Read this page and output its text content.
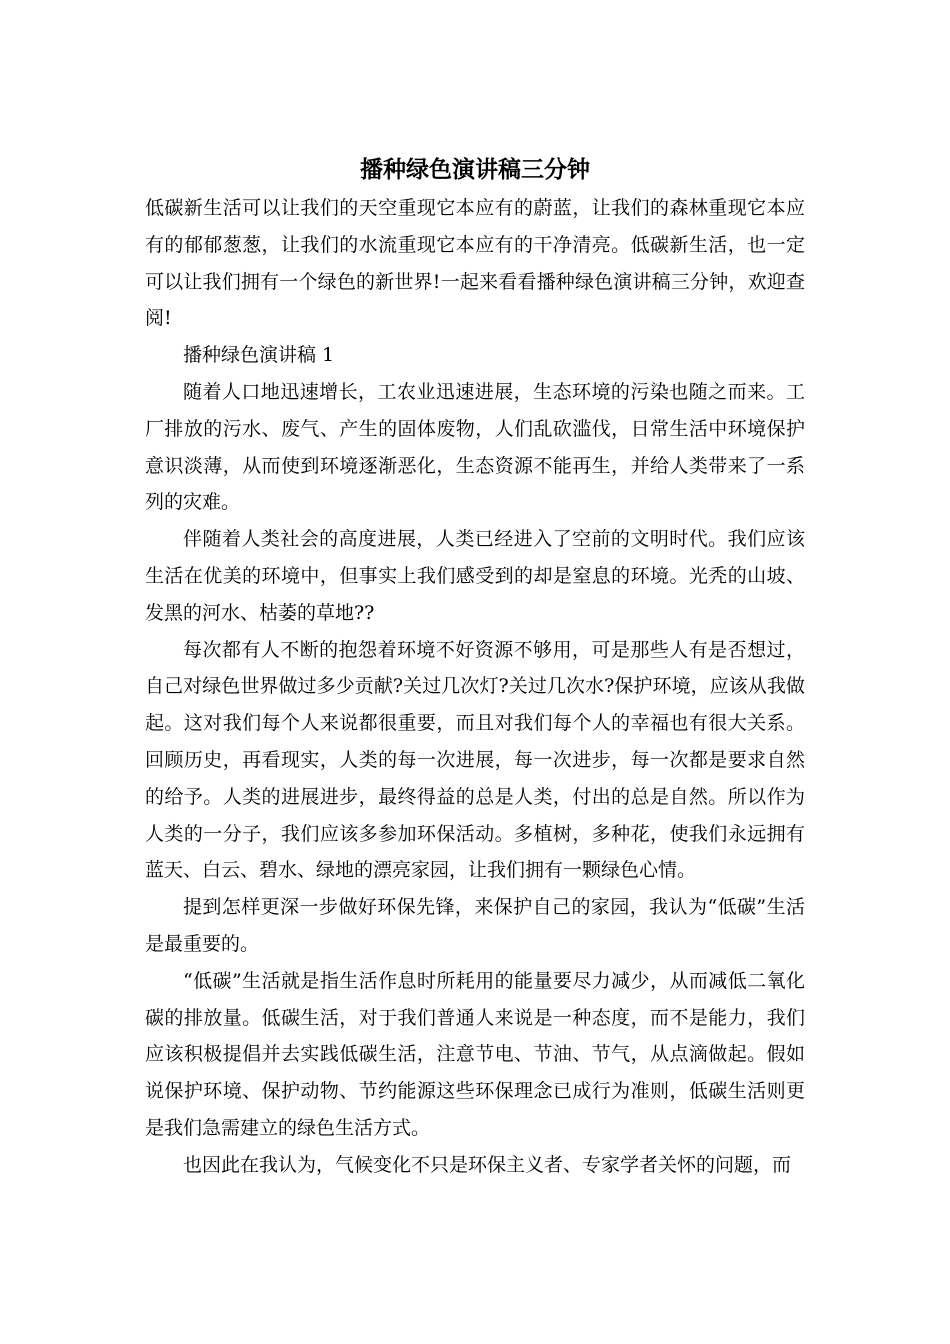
播种绿色演讲稿三分钟

低碳新生活可以让我们的天空重现它本应有的蔚蓝，让我们的森林重现它本应有的郁郁葱葱，让我们的水流重现它本应有的干净清亮。低碳新生活，也一定可以让我们拥有一个绿色的新世界!一起来看看播种绿色演讲稿三分钟，欢迎查阅!

播种绿色演讲稿 1

随着人口地迅速增长，工农业迅速进展，生态环境的污染也随之而来。工厂排放的污水、废气、产生的固体废物，人们乱砍滥伐，日常生活中环境保护意识淡薄，从而使到环境逐渐恶化，生态资源不能再生，并给人类带来了一系列的灾难。

伴随着人类社会的高度进展，人类已经进入了空前的文明时代。我们应该生活在优美的环境中，但事实上我们感受到的却是窒息的环境。光秃的山坡、发黑的河水、枯萎的草地??

每次都有人不断的抱怨着环境不好资源不够用，可是那些人有是否想过，自己对绿色世界做过多少贡献?关过几次灯?关过几次水?保护环境，应该从我做起。这对我们每个人来说都很重要，而且对我们每个人的幸福也有很大关系。回顾历史，再看现实，人类的每一次进展，每一次进步，每一次都是要求自然的给予。人类的进展进步，最终得益的总是人类，付出的总是自然。所以作为人类的一分子，我们应该多参加环保活动。多植树，多种花，使我们永远拥有蓝天、白云、碧水、绿地的漂亮家园，让我们拥有一颗绿色心情。

提到怎样更深一步做好环保先锋，来保护自己的家园，我认为“低碳”生活是最重要的。

“低碳”生活就是指生活作息时所耗用的能量要尽力减少，从而减低二氧化碳的排放量。低碳生活，对于我们普通人来说是一种态度，而不是能力，我们应该积极提倡并去实践低碳生活，注意节电、节油、节气，从点滴做起。假如说保护环境、保护动物、节约能源这些环保理念已成行为准则，低碳生活则更是我们急需建立的绿色生活方式。

也因此在我认为，气候变化不只是环保主义者、专家学者关怀的问题，而
